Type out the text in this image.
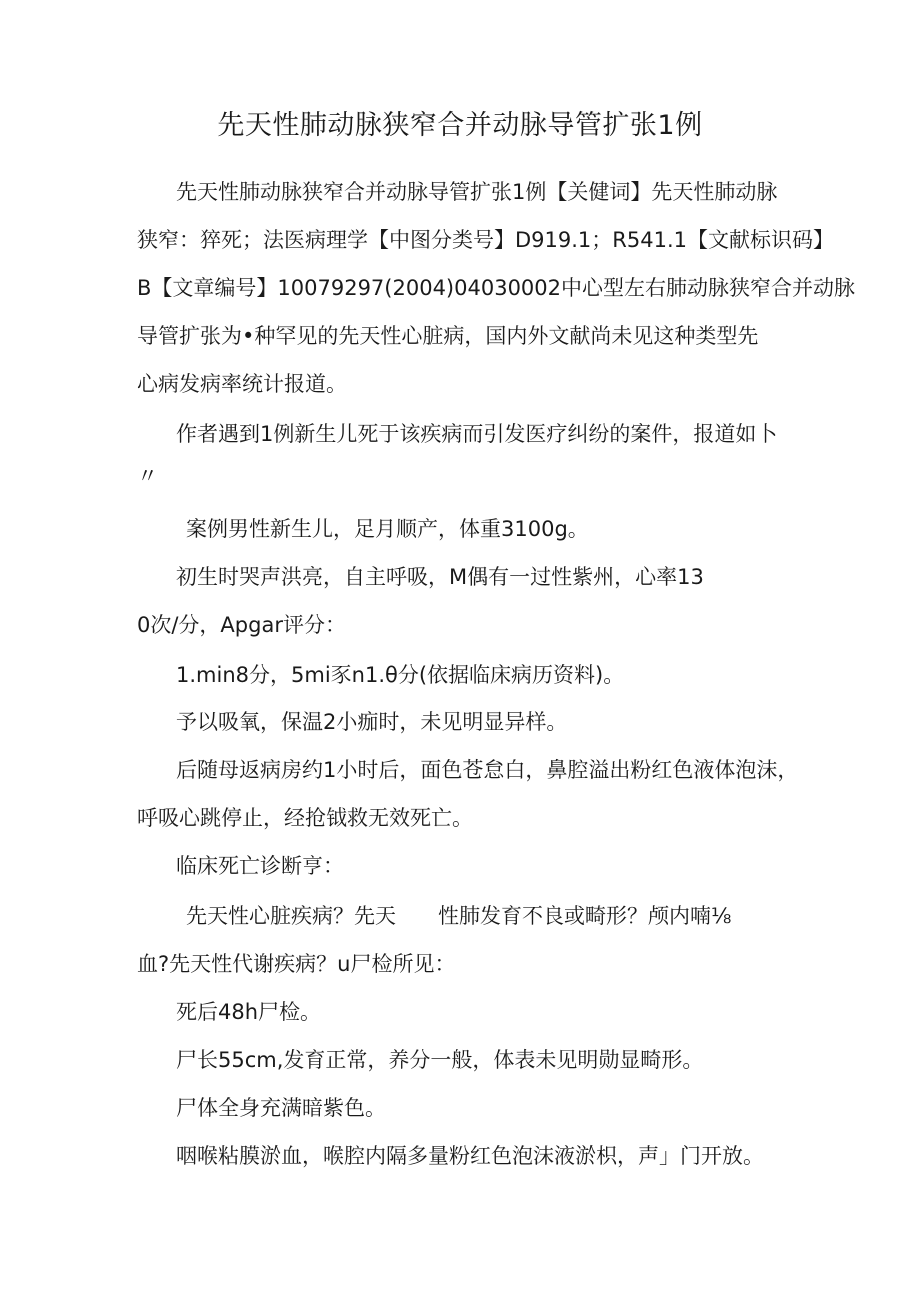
先天性肺动脉狭窄合并动脉导管扩张1例

先天性肺动脉狭窄合并动脉导管扩张1例【关健词】先天性肺动脉

狭窄：猝死；法医病理学【中图分类号】D919.1；R541.1【文献标识码】

B【文章编号】10079297(2004)04030002中心型左右肺动脉狭窄合并动脉

导管扩张为•种罕见的先天性心脏病，国内外文献尚未见这种类型先

心病发病率统计报道。

作者遇到1例新生儿死于该疾病而引发医疗纠纷的案件，报道如卜

〃

案例男性新生儿，足月顺产，体重3100g。

初生时哭声洪亮，自主呼吸，M偶有一过性紫州，心率13

0次/分，Apgar评分：

1.min8分，5mi豕n1.θ分(依据临床病历资料)。

予以吸氧，保温2小痂时，未见明显异样。

后随母返病房约1小时后，面色苍怠白，鼻腔溢出粉红色液体泡沫，

呼吸心跳停止，经抢钺救无效死亡。

临床死亡诊断亨：

先天性心脏疾病？先天　　性肺发育不良或畸形？颅内喃⅛

血?先天性代谢疾病？u尸检所见：

死后48h尸检。

尸长55cm,发育正常，养分一般，体表未见明勋显畸形。

尸体全身充满暗紫色。

咽喉粘膜淤血，喉腔内隔多量粉红色泡沫液淤枳，声」门开放。
